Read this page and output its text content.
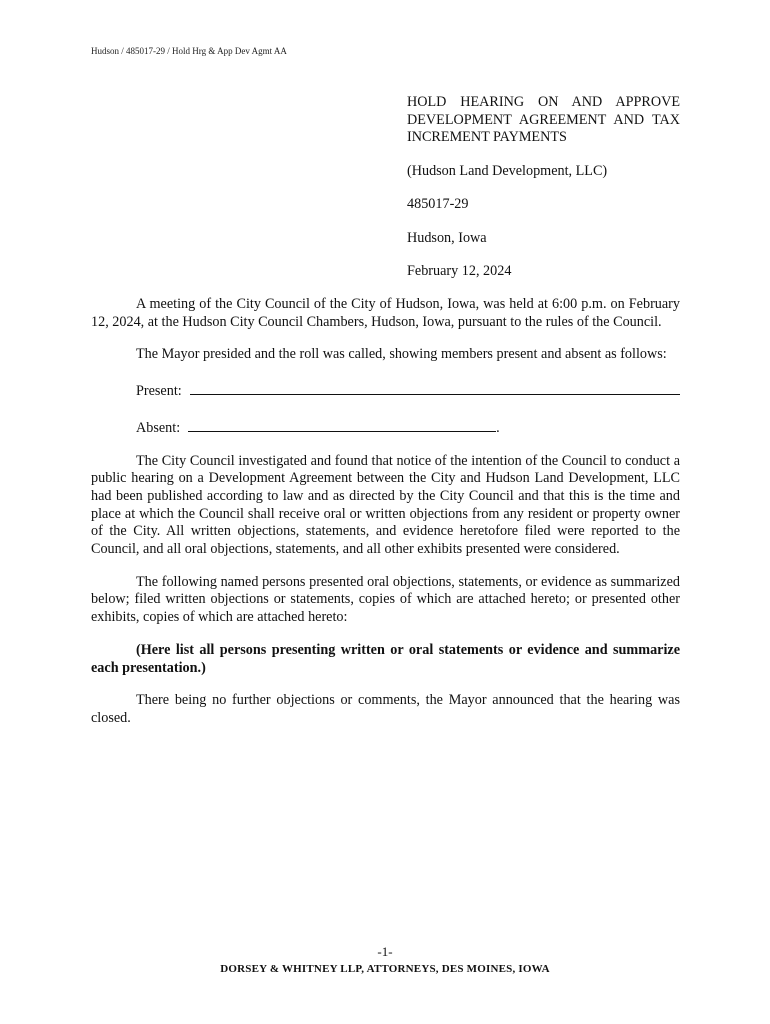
Hudson / 485017-29 / Hold Hrg & App Dev Agmt AA
HOLD HEARING ON AND APPROVE DEVELOPMENT AGREEMENT AND TAX INCREMENT PAYMENTS
(Hudson Land Development, LLC)
485017-29
Hudson, Iowa
February 12, 2024

A meeting of the City Council of the City of Hudson, Iowa, was held at 6:00 p.m. on February 12, 2024, at the Hudson City Council Chambers, Hudson, Iowa, pursuant to the rules of the Council.

The Mayor presided and the roll was called, showing members present and absent as follows:

Present:
Absent:	.

The City Council investigated and found that notice of the intention of the Council to conduct a public hearing on a Development Agreement between the City and Hudson Land Development, LLC had been published according to law and as directed by the City Council and that this is the time and place at which the Council shall receive oral or written objections from any resident or property owner of the City. All written objections, statements, and evidence heretofore filed were reported to the Council, and all oral objections, statements, and all other exhibits presented were considered.

The following named persons presented oral objections, statements, or evidence as summarized below; filed written objections or statements, copies of which are attached hereto; or presented other exhibits, copies of which are attached hereto:

(Here list all persons presenting written or oral statements or evidence and summarize each presentation.)

There being no further objections or comments, the Mayor announced that the hearing was closed.

-1-
DORSEY & WHITNEY LLP, ATTORNEYS, DES MOINES, IOWA
